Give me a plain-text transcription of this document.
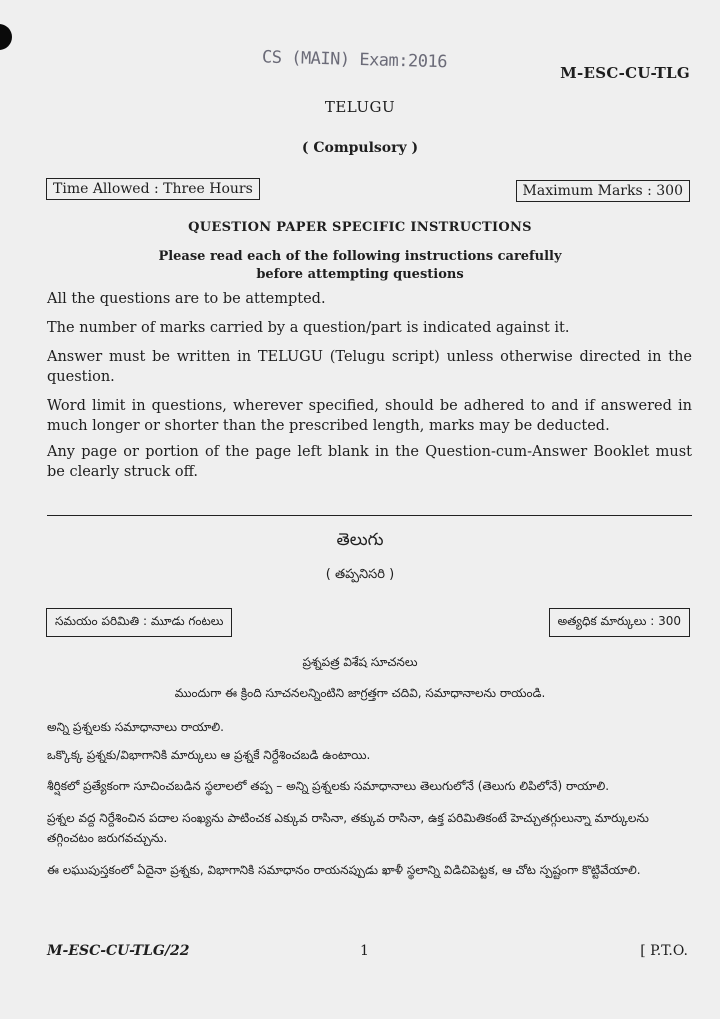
CS (MAIN) Exam:2016
M-ESC-CU-TLG
TELUGU
( Compulsory )
Time Allowed : Three Hours	Maximum Marks : 300
QUESTION PAPER SPECIFIC INSTRUCTIONS
Please read each of the following instructions carefully
before attempting questions
All the questions are to be attempted.
The number of marks carried by a question/part is indicated against it.
Answer must be written in TELUGU (Telugu script) unless otherwise directed in the question.
Word limit in questions, wherever specified, should be adhered to and if answered in much longer or shorter than the prescribed length, marks may be deducted.
Any page or portion of the page left blank in the Question-cum-Answer Booklet must be clearly struck off.
తెలుగు
( తప్పనిసరి )
సమయం పరిమితి : మూడు గంటలు	అత్యధిక మార్కులు : 300
ప్రశ్నపత్ర విశేష సూచనలు
ముందుగా ఈ క్రింది సూచనలన్నింటిని జాగ్రత్తగా చదివి, సమాధానాలను రాయండి.
అన్ని ప్రశ్నలకు సమాధానాలు రాయాలి.
ఒక్కొక్క ప్రశ్నకు/విభాగానికి మార్కులు ఆ ప్రశ్నకే నిర్దేశించబడి ఉంటాయి.
శీర్షికలో ప్రత్యేకంగా సూచించబడిన స్థలాలలో తప్ప – అన్ని ప్రశ్నలకు సమాధానాలు తెలుగులోనే (తెలుగు లిపిలోనే) రాయాలి.
ప్రశ్నల వద్ద నిర్దేశించిన పదాల సంఖ్యను పాటించక ఎక్కువ రాసినా, తక్కువ రాసినా, ఉక్త పరిమితికంటే హెచ్చుతగ్గులున్నా మార్కులను తగ్గించటం జరుగవచ్చును.
ఈ లఘుపుస్తకంలో ఏదైనా ప్రశ్నకు, విభాగానికి సమాధానం రాయనప్పుడు ఖాళీ స్థలాన్ని విడిచిపెట్టక, ఆ చోట స్పష్టంగా కొట్టివేయాలి.
M-ESC-CU-TLG/22	1	[ P.T.O.
